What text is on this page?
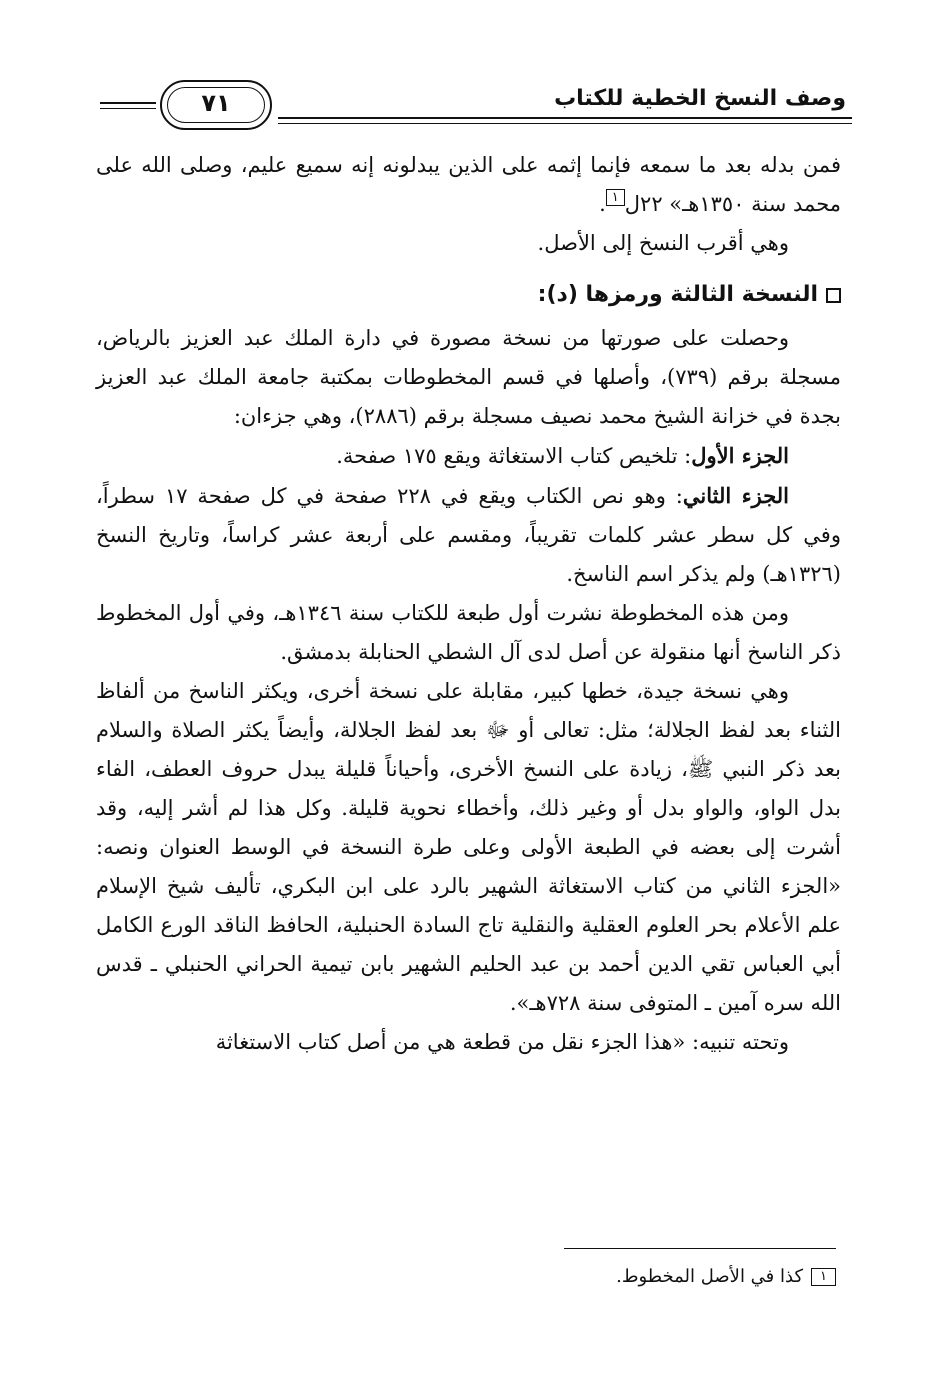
وصف النسخ الخطية للكتاب
٧١

فمن بدله بعد ما سمعه فإنما إثمه على الذين يبدلونه إنه سميع عليم، وصلى الله على محمد سنة ١٣٥٠هـ» ٢٢ل١.

وهي أقرب النسخ إلى الأصل.

النسخة الثالثة ورمزها (د):

وحصلت على صورتها من نسخة مصورة في دارة الملك عبد العزيز بالرياض، مسجلة برقم (٧٣٩)، وأصلها في قسم المخطوطات بمكتبة جامعة الملك عبد العزيز بجدة في خزانة الشيخ محمد نصيف مسجلة برقم (٢٨٨٦)، وهي جزءان:

الجزء الأول: تلخيص كتاب الاستغاثة ويقع ١٧٥ صفحة.

الجزء الثاني: وهو نص الكتاب ويقع في ٢٢٨ صفحة في كل صفحة ١٧ سطراً، وفي كل سطر عشر كلمات تقريباً، ومقسم على أربعة عشر كراساً، وتاريخ النسخ (١٣٢٦هـ) ولم يذكر اسم الناسخ.

ومن هذه المخطوطة نشرت أول طبعة للكتاب سنة ١٣٤٦هـ، وفي أول المخطوط ذكر الناسخ أنها منقولة عن أصل لدى آل الشطي الحنابلة بدمشق.

وهي نسخة جيدة، خطها كبير، مقابلة على نسخة أخرى، ويكثر الناسخ من ألفاظ الثناء بعد لفظ الجلالة؛ مثل: تعالى أو ﷻ بعد لفظ الجلالة، وأيضاً يكثر الصلاة والسلام بعد ذكر النبي ﷺ، زيادة على النسخ الأخرى، وأحياناً قليلة يبدل حروف العطف، الفاء بدل الواو، والواو بدل أو وغير ذلك، وأخطاء نحوية قليلة. وكل هذا لم أشر إليه، وقد أشرت إلى بعضه في الطبعة الأولى وعلى طرة النسخة في الوسط العنوان ونصه: «الجزء الثاني من كتاب الاستغاثة الشهير بالرد على ابن البكري، تأليف شيخ الإسلام علم الأعلام بحر العلوم العقلية والنقلية تاج السادة الحنبلية، الحافظ الناقد الورع الكامل أبي العباس تقي الدين أحمد بن عبد الحليم الشهير بابن تيمية الحراني الحنبلي ـ قدس الله سره آمين ـ المتوفى سنة ٧٢٨هـ».

وتحته تنبيه: «هذا الجزء نقل من قطعة هي من أصل كتاب الاستغاثة

١كذا في الأصل المخطوط.
